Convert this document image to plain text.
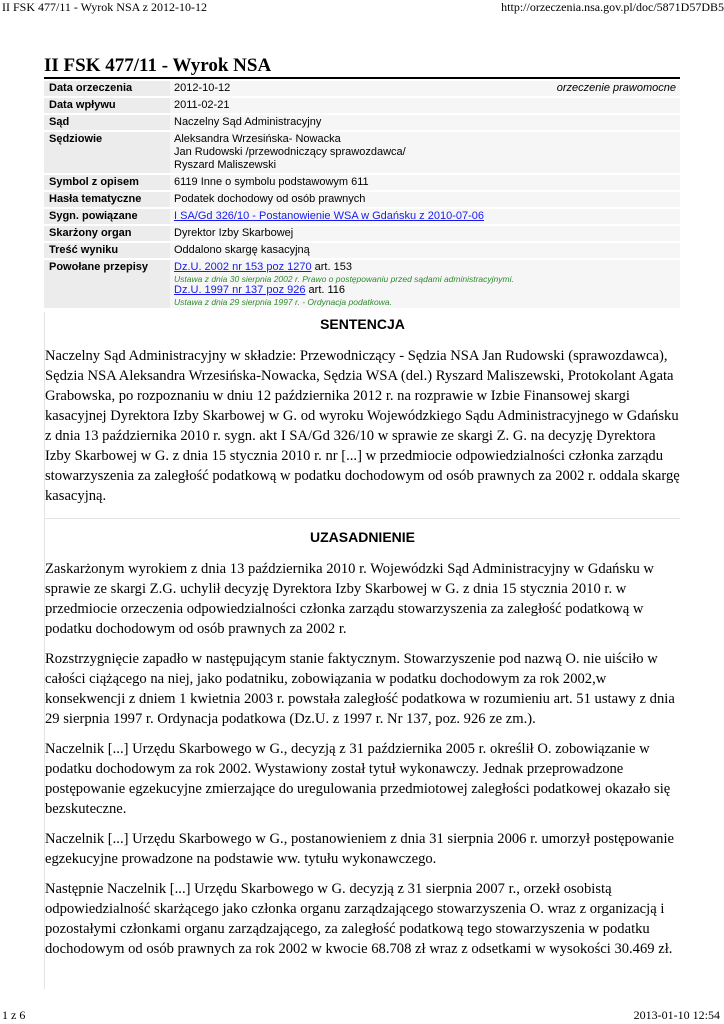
II FSK 477/11 - Wyrok NSA z 2012-10-12	http://orzeczenia.nsa.gov.pl/doc/5871D57DB5
II FSK 477/11 - Wyrok NSA
Data orzeczenia	2012-10-12 orzeczenie prawomocne

Data wpływu	2011-02-21
Sąd	Naczelny Sąd Administracyjny
Sędziowie	Aleksandra Wrzesińska- Nowacka
Jan Rudowski /przewodniczący sprawozdawca/
Ryszard Maliszewski

Symbol z opisem	6119 Inne o symbolu podstawowym 611
Hasła tematyczne	Podatek dochodowy od osób prawnych
Sygn. powiązane	I SA/Gd 326/10 - Postanowienie WSA w Gdańsku z 2010-07-06
Skarżony organ	Dyrektor Izby Skarbowej
Treść wyniku	Oddalono skargę kasacyjną
Powołane przepisy	Dz.U. 2002 nr 153 poz 1270 art. 153
Ustawa z dnia 30 sierpnia 2002 r. Prawo o postępowaniu przed sądami administracyjnymi.
Dz.U. 1997 nr 137 poz 926 art. 116
Ustawa z dnia 29 sierpnia 1997 r. - Ordynacja podatkowa.
SENTENCJA

Naczelny Sąd Administracyjny w składzie: Przewodniczący - Sędzia NSA Jan Rudowski (sprawozdawca), Sędzia NSA Aleksandra Wrzesińska-Nowacka, Sędzia WSA (del.) Ryszard Maliszewski, Protokolant Agata Grabowska, po rozpoznaniu w dniu 12 października 2012 r. na rozprawie w Izbie Finansowej skargi kasacyjnej Dyrektora Izby Skarbowej w G. od wyroku Wojewódzkiego Sądu Administracyjnego w Gdańsku z dnia 13 października 2010 r. sygn. akt I SA/Gd 326/10 w sprawie ze skargi Z. G. na decyzję Dyrektora Izby Skarbowej w G. z dnia 15 stycznia 2010 r. nr [...] w przedmiocie odpowiedzialności członka zarządu stowarzyszenia za zaległość podatkową w podatku dochodowym od osób prawnych za 2002 r. oddala skargę kasacyjną.

UZASADNIENIE

Zaskarżonym wyrokiem z dnia 13 października 2010 r. Wojewódzki Sąd Administracyjny w Gdańsku w sprawie ze skargi Z.G. uchylił decyzję Dyrektora Izby Skarbowej w G. z dnia 15 stycznia 2010 r. w przedmiocie orzeczenia odpowiedzialności członka zarządu stowarzyszenia za zaległość podatkową w podatku dochodowym od osób prawnych za 2002 r.

Rozstrzygnięcie zapadło w następującym stanie faktycznym. Stowarzyszenie pod nazwą O. nie uiściło w całości ciążącego na niej, jako podatniku, zobowiązania w podatku dochodowym za rok 2002,w konsekwencji z dniem 1 kwietnia 2003 r. powstała zaległość podatkowa w rozumieniu art. 51 ustawy z dnia 29 sierpnia 1997 r. Ordynacja podatkowa (Dz.U. z 1997 r. Nr 137, poz. 926 ze zm.).

Naczelnik [...] Urzędu Skarbowego w G., decyzją z 31 października 2005 r. określił O. zobowiązanie w podatku dochodowym za rok 2002. Wystawiony został tytuł wykonawczy. Jednak przeprowadzone postępowanie egzekucyjne zmierzające do uregulowania przedmiotowej zaległości podatkowej okazało się bezskuteczne.

Naczelnik [...] Urzędu Skarbowego w G., postanowieniem z dnia 31 sierpnia 2006 r. umorzył postępowanie egzekucyjne prowadzone na podstawie ww. tytułu wykonawczego.

Następnie Naczelnik [...] Urzędu Skarbowego w G. decyzją z 31 sierpnia 2007 r., orzekł osobistą odpowiedzialność skarżącego jako członka organu zarządzającego stowarzyszenia O. wraz z organizacją i pozostałymi członkami organu zarządzającego, za zaległość podatkową tego stowarzyszenia w podatku dochodowym od osób prawnych za rok 2002 w kwocie 68.708 zł wraz z odsetkami w wysokości 30.469 zł.

1 z 6	2013-01-10 12:54
